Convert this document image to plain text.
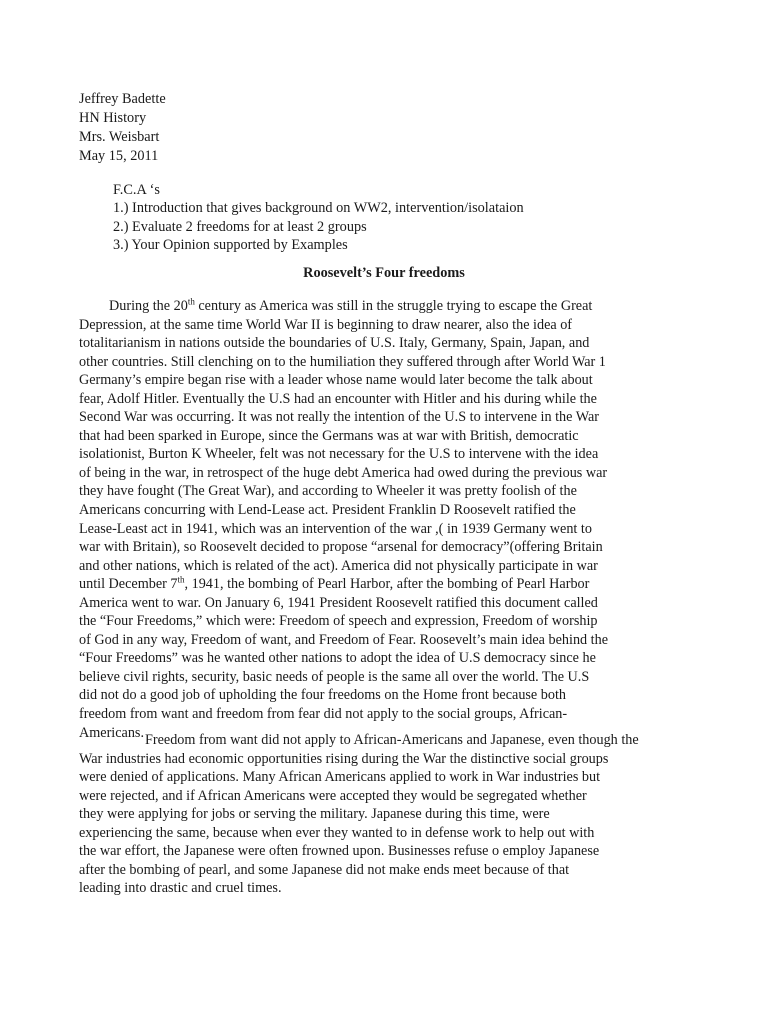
Jeffrey Badette
HN History
Mrs. Weisbart
May 15, 2011
F.C.A ‘s
1.) Introduction that gives background on WW2, intervention/isolataion
2.) Evaluate 2 freedoms for at least 2 groups
3.) Your Opinion supported by Examples
Roosevelt’s Four freedoms
During the 20th century as America was still in the struggle trying to escape the Great
Depression, at the same time World War II is beginning to draw nearer, also the idea of
totalitarianism in nations outside the boundaries of U.S. Italy, Germany, Spain, Japan, and
other countries. Still clenching on to the humiliation they suffered through after World War 1
Germany’s empire began rise with a leader whose name would later become the talk about
fear, Adolf Hitler. Eventually the U.S had an encounter with Hitler and his during while the
Second War was occurring. It was not really the intention of the U.S to intervene in the War
that had been sparked in Europe, since the Germans was at war with British, democratic
isolationist, Burton K Wheeler, felt was not necessary for the U.S to intervene with the idea
of being in the war, in retrospect of the huge debt America had owed during the previous war
they have fought (The Great War), and according to Wheeler it was pretty foolish of the
Americans concurring with Lend-Lease act. President Franklin D Roosevelt ratified the
Lease-Least act in 1941, which was an intervention of the war ,( in 1939 Germany went to
war with Britain), so Roosevelt decided to propose “arsenal for democracy”(offering Britain
and other nations, which is related of the act). America did not physically participate in war
until December 7th, 1941, the bombing of Pearl Harbor, after the bombing of Pearl Harbor
America went to war. On January 6, 1941 President Roosevelt ratified this document called
the “Four Freedoms,” which were: Freedom of speech and expression, Freedom of worship
of God in any way, Freedom of want, and Freedom of Fear. Roosevelt’s main idea behind the
“Four Freedoms” was he wanted other nations to adopt the idea of U.S democracy since he
believe civil rights, security, basic needs of people is the same all over the world. The U.S
did not do a good job of upholding the four freedoms on the Home front because both
freedom from want and freedom from fear did not apply to the social groups, African-
Americans. Freedom from want did not apply to African-Americans and Japanese, even though the
War industries had economic opportunities rising during the War the distinctive social groups
were denied of applications. Many African Americans applied to work in War industries but
were rejected, and if African Americans were accepted they would be segregated whether
they were applying for jobs or serving the military. Japanese during this time, were
experiencing the same, because when ever they wanted to in defense work to help out with
the war effort, the Japanese were often frowned upon. Businesses refuse o employ Japanese
after the bombing of pearl, and some Japanese did not make ends meet because of that
leading into drastic and cruel times.
